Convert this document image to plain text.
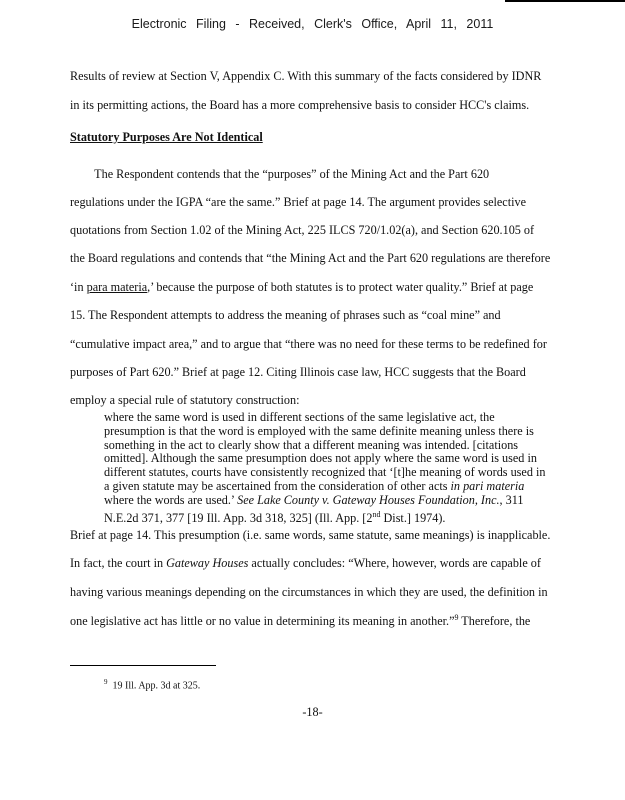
Electronic Filing - Received, Clerk's Office, April 11, 2011
Results of review at Section V, Appendix C. With this summary of the facts considered by IDNR
in its permitting actions, the Board has a more comprehensive basis to consider HCC's claims.
Statutory Purposes Are Not Identical
The Respondent contends that the “purposes” of the Mining Act and the Part 620
regulations under the IGPA “are the same.” Brief at page 14. The argument provides selective
quotations from Section 1.02 of the Mining Act, 225 ILCS 720/1.02(a), and Section 620.105 of
the Board regulations and contends that “the Mining Act and the Part 620 regulations are therefore
‘in para materia,’ because the purpose of both statutes is to protect water quality.” Brief at page
15. The Respondent attempts to address the meaning of phrases such as “coal mine” and
“cumulative impact area,” and to argue that “there was no need for these terms to be redefined for
purposes of Part 620.” Brief at page 12. Citing Illinois case law, HCC suggests that the Board
employ a special rule of statutory construction:
where the same word is used in different sections of the same legislative act, the
presumption is that the word is employed with the same definite meaning unless there is
something in the act to clearly show that a different meaning was intended. [citations
omitted]. Although the same presumption does not apply where the same word is used in
different statutes, courts have consistently recognized that ‘[t]he meaning of words used in
a given statute may be ascertained from the consideration of other acts in pari materia
where the words are used.’ See Lake County v. Gateway Houses Foundation, Inc., 311
N.E.2d 371, 377 [19 Ill. App. 3d 318, 325] (Ill. App. [2nd Dist.] 1974).
Brief at page 14. This presumption (i.e. same words, same statute, same meanings) is inapplicable.
In fact, the court in Gateway Houses actually concludes: “Where, however, words are capable of
having various meanings depending on the circumstances in which they are used, the definition in
one legislative act has little or no value in determining its meaning in another.”$^9$ Therefore, the
$^9$ 19 Ill. App. 3d at 325.
-18-
